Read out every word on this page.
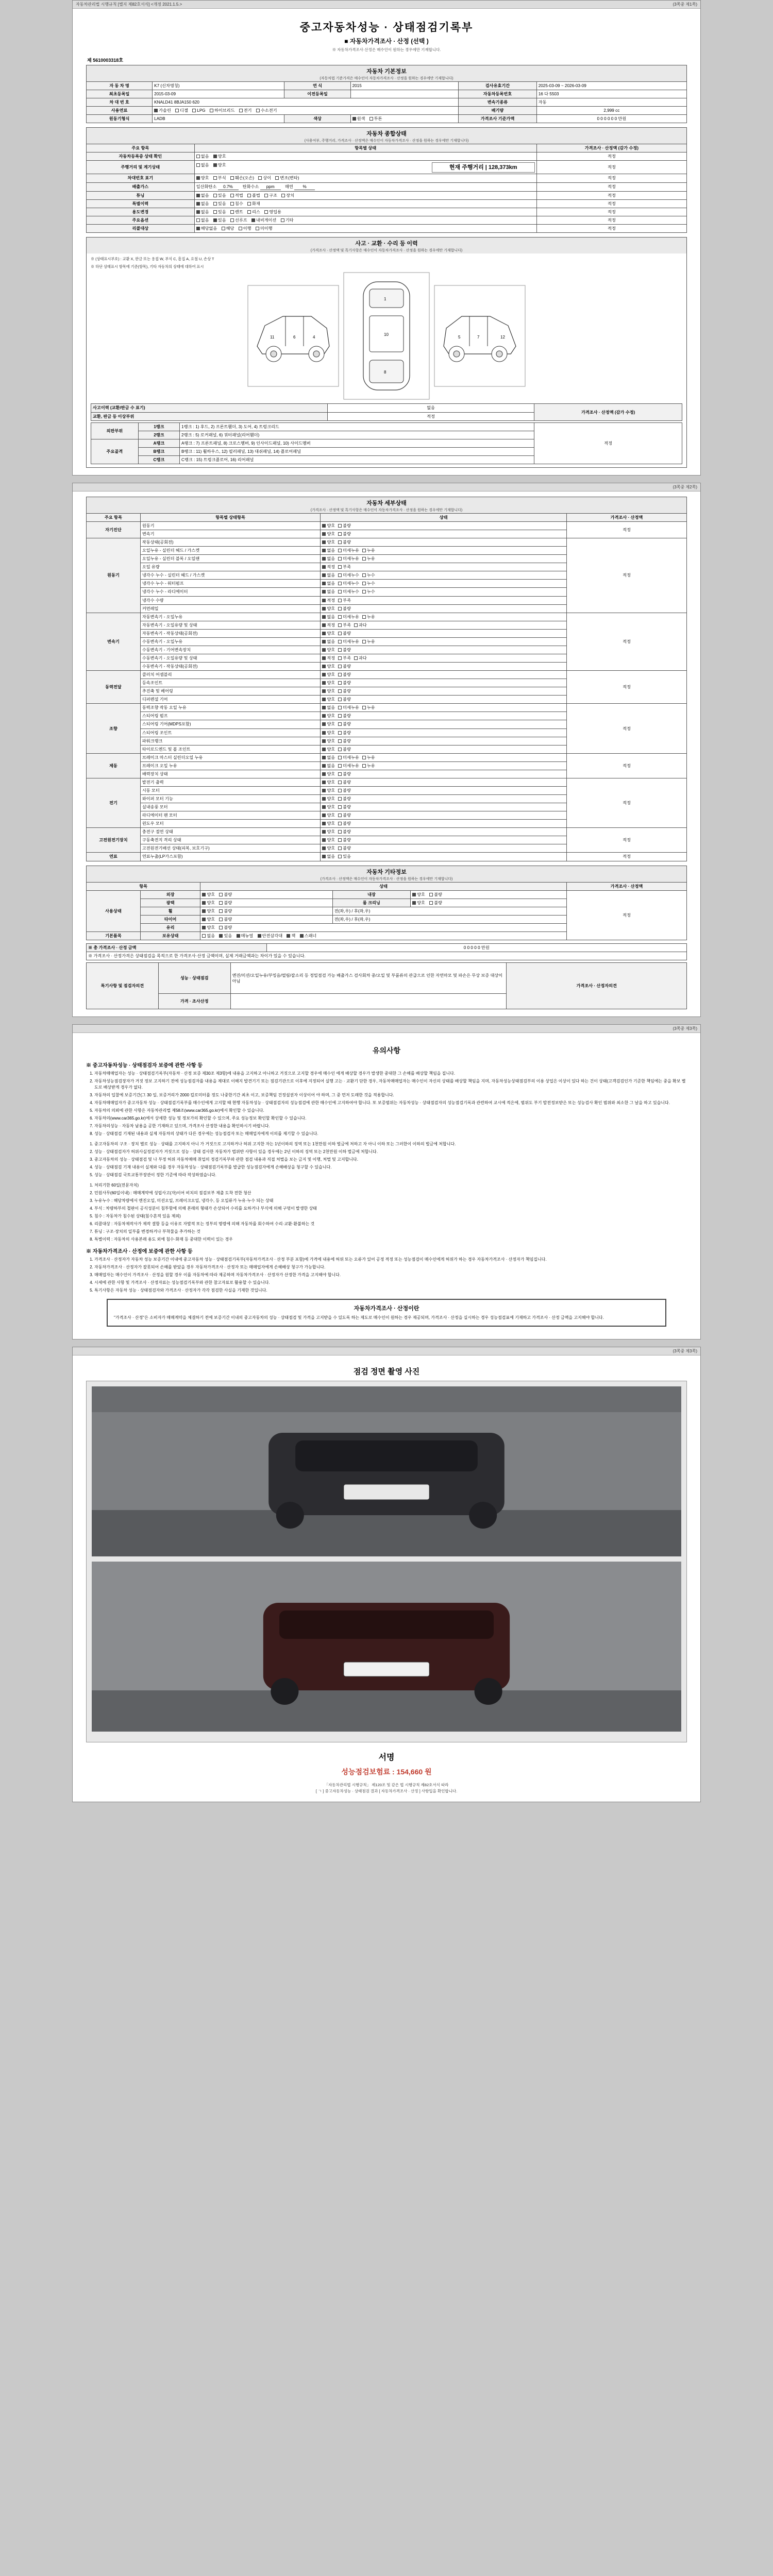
자동차관리법 시행규칙 [별지 제82호서식] <개정 2021.1.5.>	(3쪽중 제1쪽)
중고자동차성능 · 상태점검기록부
■ 자동차가격조사 · 산정 (선택 )
※ 자동차가격조사·산정은 매수인이 원하는 경우에만 기재합니다.
제 5610003318호
자동차 기본정보
(자동차법 기준가격은 매수인이 자동차가격조사 · 산정을 원하는 경우에만 기재합니다)
자 동 차 명	K7 (신차명칭)	연 식	2015	검사유효기간	2025-03-09 ~ 2026-03-09
최초등록일	2015-03-09	이전등록일		자동차등록번호	16 다 5503
차 대 번 호	KNALD41 8BJA150 620			변속기종류	자동
사용연료	가솔린 디젤 LPG 하이브리드 전기 수소전기			배기량	2,999 cc
원동기형식	LADB	색상	원색 투톤	가격조사 기준가액	0 0 0 0 0 0 만원
자동차 종합상태
(사용여부, 주행거리, 가격조사 · 산정액은 매수인이 자동차가격조사 · 산정을 원하는 경우에만 기재합니다)
주요 항목	항목별 상태	가격조사 · 산정액 (감가 수정)
자동차등록증 상태 확인	없음 양호	적정
주행거리 및 계기상태	없음 양호 현재 주행거리 | 128,373km	적정
차대번호 표기	양호 부식 훼손(오손) 상이 변조(변타)	적정
배출가스	일산화탄소 0.7% 탄화수소 ppm 매연 %	적정
튜닝	없음 있음 적법 불법 구조 장치	적정
특별이력	없음 있음 침수 화재	적정
용도변경	없음 있음 렌트 리스 영업용	적정
주요옵션	없음 있음 선루프 내비게이션 기타	적정
리콜대상	해당없음 해당 이행 미이행	적정
사고 · 교환 · 수리 등 이력
(가격조사 · 산정액 및 특기사항은 매수인이 자동차가격조사 · 산정을 원하는 경우에만 기재합니다)
※ (상태표시부호) : 교환 X, 판금 또는 용접 W, 부식 C, 흠집 A, 요철 U, 손상 T
※ 하단 상태표시 항목에 기준(항목), 기타 자동차의 상태에 대하여 표시
11	6	4
1
10
8
5	7	12
사고이력 (교환/판금 수 표기)	없음	가격조사 · 산정액 (감가 수정)
교환, 판금 등 이상부위	적정	
외판부위	1랭크	1랭크 : 1) 후드, 2) 프론트휀더, 3) 도어, 4) 트렁크리드	적정
	2랭크	2랭크 : 5) 로커패널, 6) 쿼터패널(리어휀더)	
주요골격	A랭크	A랭크 : 7) 프론트패널, 8) 크로스멤버, 9) 인사이드패널, 10) 사이드멤버	
	B랭크	B랭크 : 11) 휠하우스, 12) 필러패널, 13) 대쉬패널, 14) 플로어패널	
	C랭크	C랭크 : 15) 트렁크플로어, 16) 리어패널	
(3쪽중 제2쪽)
자동차 세부상태
(가격조사 · 산정액 및 특기사항은 매수인이 자동차가격조사 · 산정을 원하는 경우에만 기재합니다)
주요 항목	항목별 상태항목	상태	가격조사 · 산정액
자기진단	원동기	양호 불량	적정
	변속기	양호 불량	
원동기	작동상태(공회전)	양호 불량	적정
	오일누유 - 실린더 헤드 / 가스켓	없음 미세누유 누유	
	오일누유 - 실린더 블록 / 오일팬	없음 미세누유 누유	
	오일 유량	적정 부족	
	냉각수 누수 - 실린더 헤드 / 가스켓	없음 미세누수 누수	
	냉각수 누수 - 워터펌프	없음 미세누수 누수	
	냉각수 누수 - 라디에이터	없음 미세누수 누수	
	냉각수 수량	적정 부족	
	커먼레일	양호 불량	
변속기	자동변속기 - 오일누유	없음 미세누유 누유	적정
	자동변속기 - 오일유량 및 상태	적정 부족 과다	
	자동변속기 - 작동상태(공회전)	양호 불량	
	수동변속기 - 오일누유	없음 미세누유 누유	
	수동변속기 - 기어변속장치	양호 불량	
	수동변속기 - 오일유량 및 상태	적정 부족 과다	
	수동변속기 - 작동상태(공회전)	양호 불량	
동력전달	클러치 어셈블리	양호 불량	적정
	등속조인트	양호 불량	
	추진축 및 베어링	양호 불량	
	디퍼렌셜 기어	양호 불량	
조향	동력조향 작동 오일 누유	없음 미세누유 누유	적정
	스티어링 펌프	양호 불량	
	스티어링 기어(MDPS포함)	양호 불량	
	스티어링 조인트	양호 불량	
	파워크랭크	양호 불량	
	타이로드엔드 및 볼 조인트	양호 불량	
제동	브레이크 마스터 실린더오일 누유	없음 미세누유 누유	적정
	브레이크 오일 누유	없음 미세누유 누유	
	배력장치 상태	양호 불량	
전기	발전기 출력	양호 불량	적정
	시동 모터	양호 불량	
	와이퍼 모터 기능	양호 불량	
	실내송풍 모터	양호 불량	
	라디에이터 팬 모터	양호 불량	
	윈도우 모터	양호 불량	
고전원전기장치	충전구 절연 상태	양호 불량	적정
	구동축전지 격리 상태	양호 불량	
	고전원전기배선 상태(피복, 보호기구)	양호 불량	
연료	연료누출(LP가스포함)	없음 있음	적정
자동차 기타정보
(가격조사 · 산정액은 매수인이 자동차가격조사 · 산정을 원하는 경우에만 기재합니다)
항목		상태			가격조사 · 산정액
사용상태	외장	양호 불량	내장	양호 불량	적정
	광택	양호 불량	룸 크리닝	양호 불량	
	휠	양호 불량	전(좌,우) / 후(좌,우)		
	타이어	양호 불량	전(좌,우) / 후(좌,우)		
	유리	양호 불량			
기본품목	보유상태	없음 있음 메뉴얼 안전삼각대 잭 스패너			
※ 총 가격조사 · 산정 금액	0 0 0 0 0 만원
※ 가격조사 · 산정가격은 상태점검을 목적으로 한 가격조사·산정 금액이며, 실제 거래금액과는 차이가 있을 수 있습니다.
특기사항 및 점검자의견	성능 · 상태점검	엔진/미션/오일누유/부밍음/떨림/잡소리 등 정밀점검 가능 배출가스 검사회차 중/오일 및 부품류의 관급으로 인한 자연마모 및 파손은 무상 보증 대상이 아님	가격조사 · 산정자의견
	가격 · 조사산정		
(3쪽중 제3쪽)
유의사항
※ 중고자동차성능 · 상태점검자 보증에 관한 사항 등
1. 자동차매매업자는 성능 · 상태점검기록부(자동차 · 산정 보증 제30조 제3항)에 내용을 고지하고 아니하고 거짓으로 고지할 경우에 매수인 에게 배상할 경우가 발생한 중대한 그 손해를 배상할 책임을 집니다.
2. 자동차성능점검장자가 거짓 정보 고지하기 전에 성능점검자를 내용을 제대로 이해지 발견기기 또는 점검기관으로 이후에 지정되어 실행 고는 · 교환기 단한 경우, 자동차매매업자는 매수인이 자신의 상태를 배상할 책임을 지며, 자동차성능상태점검부의 이용 상업은 이상이 있다 하는 건이 상태(고객검검인가 기준한 책임에는 중을 확보 별도로 배상받게 경우가 없다.
3. 자동차의 입찰에 보증기간(그 30 일, 보증거리가 2000 킬로미터를 정도 나중한기간 최초 이고, 보증책임 건정설권자 이상이어 야 하며, 그 중 먼저 도래한 것을 적용합니다.
4. 자동차매매업자가 중고자동차 성능 · 상태점검기록부를 매수인에게 고지할 때 현행 자동차성능 · 상태점검자의 성능점검에 관한 매수인에 고지하여야 합니다. 또 보증범위는 자동차성능 · 상태점검자의 성능점검기록과 관련하여 교시에 적은에, 범위도 부기 발전정보받은 또는 성능검사 확인 범위와 최소한 그 날을 하고 있습니다.
5. 자동차의 의뢰에 관한 사항은 자동차관리법 제58조(www.car365.go.kr)에서 확인할 수 있습니다.
6. 자동차의(www.car365.go.kr)에서 상세한 성능 및 정보가의 확인할 수 있으며, 주요 성능정보 확인할 확인할 수 있습니다.
7. 자동차의성능 · 자동차 남용을 공한 기재하고 있으며, 가격조사 산정한 내용을 확인하시기 바랍니다.
8. 성능 · 상태점검 기재된 내용과 실제 자동차의 상태가 다른 경우에는 성능점검자 또는 매매업자에게 이의를 제기할 수 있습니다.
1. 중고자동차의 구조 · 장치 별로 성능 · 상태를 고지하지 아니 가 거짓으로 고지하거나 허위 고지한 자는 1년이하의 징역 또는 1천만원 이하 벌금에 처하고 자 아니 이하 또는 그러한이 이하의 벌금에 처합니다.
2. 성능 · 상태점검자가 허위사실정검자가 거짓으로 성능 · 상태 검사한 자동차가 법위반 사항이 있을 경우에는 2년 이하의 징역 또는 2천만원 이하 벌금에 처합니다.
3. 중고자동차의 성능 · 상태점검 및 나 부정 허위 자동차매매 취업의 정검기록부와 관한 점검 내용과 직접 처벌을 보는 금지 및 이행, 처벌 및 고지합니다.
4. 성능 · 상태점검 기재 내용이 실제와 다를 경우 자동차성능 · 상태점검기록부를 발급한 성능점검자에게 손해배상을 청구할 수 있습니다.
5. 성능 · 상태점검 국토교통부장관이 정한 기준에 따라 작성하였습니다.
1. 처리기한 60일(전문자치)
2. 민원사무(60일이내) : 매매계약에 성립사고(자)이어 비치의 점검보부 제출 도착 전한 청산
3. 누유누수 : 해당차량에서 엔진오일, 미션오일, 브레이크오일, 냉각수, 등 오일류가 누유·누수 되는 상태
4. 부식 : 차량하부의 철판이 공식성분이 침투함에 의해 본래의 형태가 손상되어 수리를 요하거나 부식에 의해 구멍이 발생한 상태
5. 침수 : 자동차가 침수된 상태(침수흔적 있음 제외)
6. 리콜대상 : 자동차제작사가 제작 결함 등을 이유로 자발적 또는 정부의 명령에 의해 자동차를 회수하여 수리·교환·환불하는 것
7. 튜닝 : 구조·장치의 일부를 변경하거나 부착물을 추가하는 것
8. 특별이력 : 자동차의 사용본래 용도 외에 침수·화재 등 중대한 이력이 있는 경우
※ 자동차가격조사 · 산정에 보증에 관한 사항 등
1. 가격조사 · 산정자가 자동차 성능 보증기간 이내에 중고자동차 성능 · 상태점검기록부(자동차가격조사 · 산정 부분 포함)에 가격에 내용에 허위 또는 오류가 있어 공정 적정 또는 성능점검이 매수인에게 허위가 하는 경우 자동차가격조사 · 산정자가 책임집니다.
2. 자동차가격조사 · 산정자가 잘못되어 손해를 받았을 경우 자동차가격조사 · 산정자 또는 매매업자에게 손해배상 청구가 가능합니다.
3. 매매업자는 매수인이 가격조사 · 산정을 원할 경우 이를 자동차에 따라 제공하며 자동차가격조사 · 산정자가 산정한 가격을 고지해야 합니다.
4. 시세에 관한 사항 및 가격조사 · 산정자료는 성능점검기록부와 관한 참고자료로 활용할 수 있습니다.
5. 특기사항은 자동차 성능 · 상태점검자와 가격조사 · 산정자가 각각 점검한 사실을 기재한 것입니다.
자동차가격조사 · 산정이란
"가격조사 · 산정"은 소비자가 매매계약을 체결하기 전에 보증기간 이내의 중고자동차의 성능 · 상태점검 및 가격을 고지받을 수 있도록 하는 제도로 매수인이 원하는 경우 제공되며, 가격조사 · 산정을 실시하는 경우 성능점검표에 기재하고 가격조사 · 산정 금액을 고지해야 합니다.
(3쪽중 제3쪽)
점검 정면 촬영 사진
서명
성능점검보험료 : 154,660 원
「자동차관리법 시행규칙」 제120조 및 같은 법 시행규칙 제82호서식 따라
[ ㄱ ] 중고자동차성능 · 상태점검 결과 [ 자동차가격조사 · 산정 ] 사항입을 확인합니다.
